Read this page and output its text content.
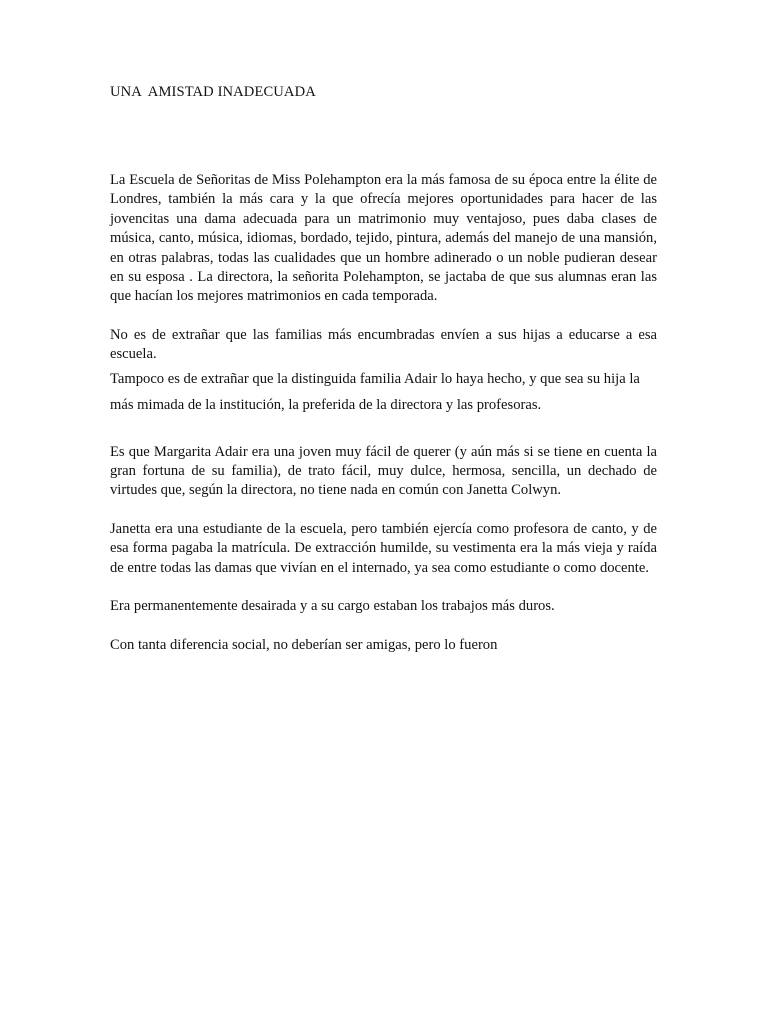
UNA  AMISTAD INADECUADA

La Escuela de Señoritas de Miss Polehampton era la más famosa de su época entre la élite de Londres, también la más cara y la que ofrecía mejores oportunidades para hacer de las jovencitas una dama adecuada para un matrimonio muy ventajoso, pues daba clases de música, canto, música, idiomas, bordado, tejido, pintura, además del manejo de una mansión, en otras palabras, todas las cualidades que un hombre adinerado o un noble pudieran desear en su esposa . La directora, la señorita Polehampton, se jactaba de que sus alumnas eran las que hacían los mejores matrimonios en cada temporada.

No es de extrañar que las familias más encumbradas envíen a sus hijas a educarse a esa escuela.

Tampoco es de extrañar que la distinguida familia Adair lo haya hecho, y que sea su hija la más mimada de la institución, la preferida de la directora y las profesoras.

Es que Margarita Adair era una joven muy fácil de querer (y aún más si se tiene en cuenta la gran fortuna de su familia), de trato fácil, muy dulce, hermosa, sencilla, un dechado de virtudes que, según la directora, no tiene nada en común con Janetta Colwyn.

Janetta era una estudiante de la escuela, pero también ejercía como profesora de canto, y de esa forma pagaba la matrícula. De extracción humilde, su vestimenta era la más vieja y raída de entre todas las damas que vivían en el internado, ya sea como estudiante o como docente.

Era permanentemente desairada y a su cargo estaban los trabajos más duros.

Con tanta diferencia social, no deberían ser amigas, pero lo fueron
